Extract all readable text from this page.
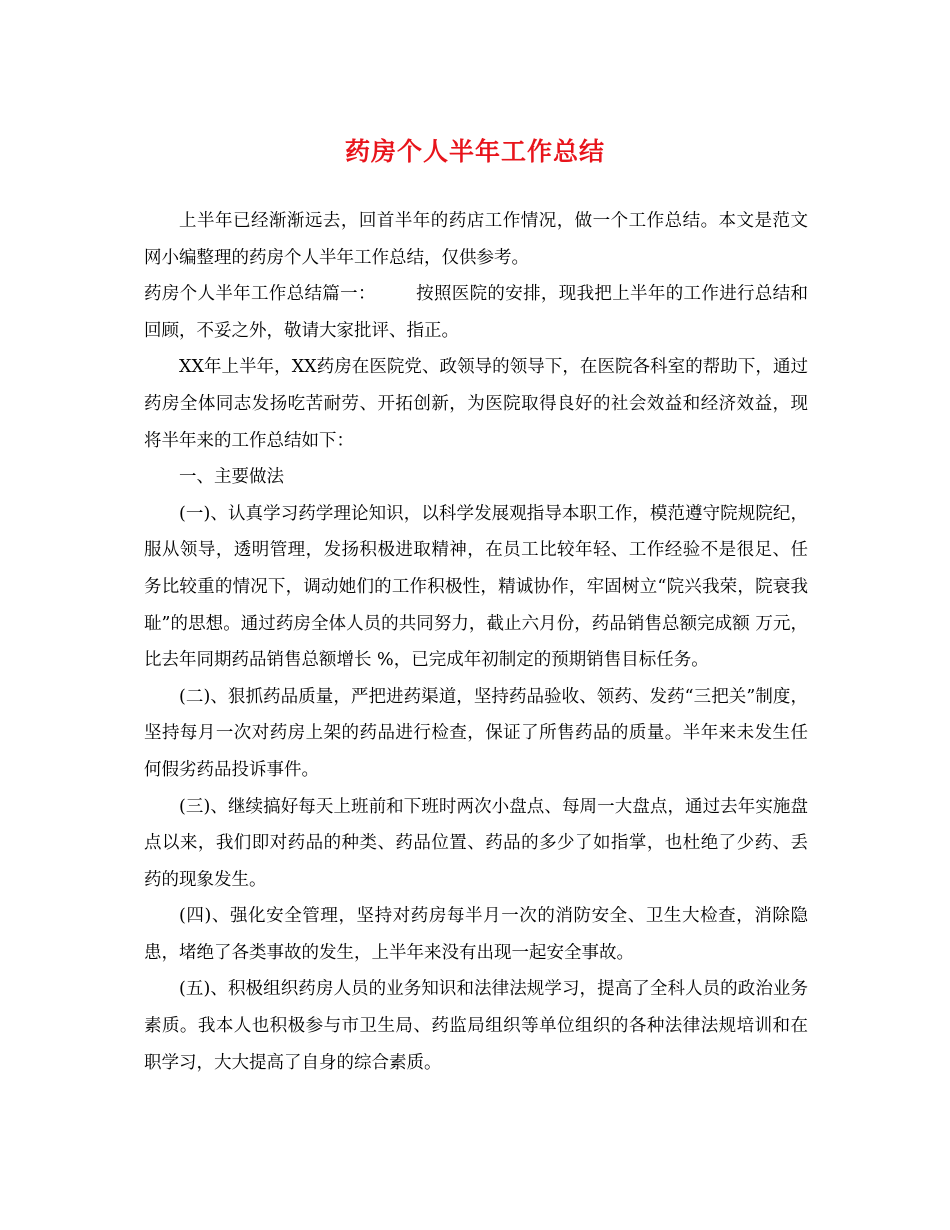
药房个人半年工作总结

上半年已经渐渐远去，回首半年的药店工作情况，做一个工作总结。本文是范文网小编整理的药房个人半年工作总结，仅供参考。

药房个人半年工作总结篇一： 按照医院的安排，现我把上半年的工作进行总结和回顾，不妥之外，敬请大家批评、指正。

XX年上半年，XX药房在医院党、政领导的领导下，在医院各科室的帮助下，通过药房全体同志发扬吃苦耐劳、开拓创新，为医院取得良好的社会效益和经济效益，现将半年来的工作总结如下：

一、主要做法

(一)、认真学习药学理论知识，以科学发展观指导本职工作，模范遵守院规院纪，服从领导，透明管理，发扬积极进取精神，在员工比较年轻、工作经验不是很足、任务比较重的情况下，调动她们的工作积极性，精诚协作，牢固树立“院兴我荣，院衰我耻”的思想。通过药房全体人员的共同努力，截止六月份，药品销售总额完成额 万元，比去年同期药品销售总额增长 %，已完成年初制定的预期销售目标任务。

(二)、狠抓药品质量，严把进药渠道，坚持药品验收、领药、发药“三把关”制度，坚持每月一次对药房上架的药品进行检查，保证了所售药品的质量。半年来未发生任何假劣药品投诉事件。

(三)、继续搞好每天上班前和下班时两次小盘点、每周一大盘点，通过去年实施盘点以来，我们即对药品的种类、药品位置、药品的多少了如指掌，也杜绝了少药、丢药的现象发生。

(四)、强化安全管理，坚持对药房每半月一次的消防安全、卫生大检查，消除隐患，堵绝了各类事故的发生，上半年来没有出现一起安全事故。

(五)、积极组织药房人员的业务知识和法律法规学习，提高了全科人员的政治业务素质。我本人也积极参与市卫生局、药监局组织等单位组织的各种法律法规培训和在职学习，大大提高了自身的综合素质。
